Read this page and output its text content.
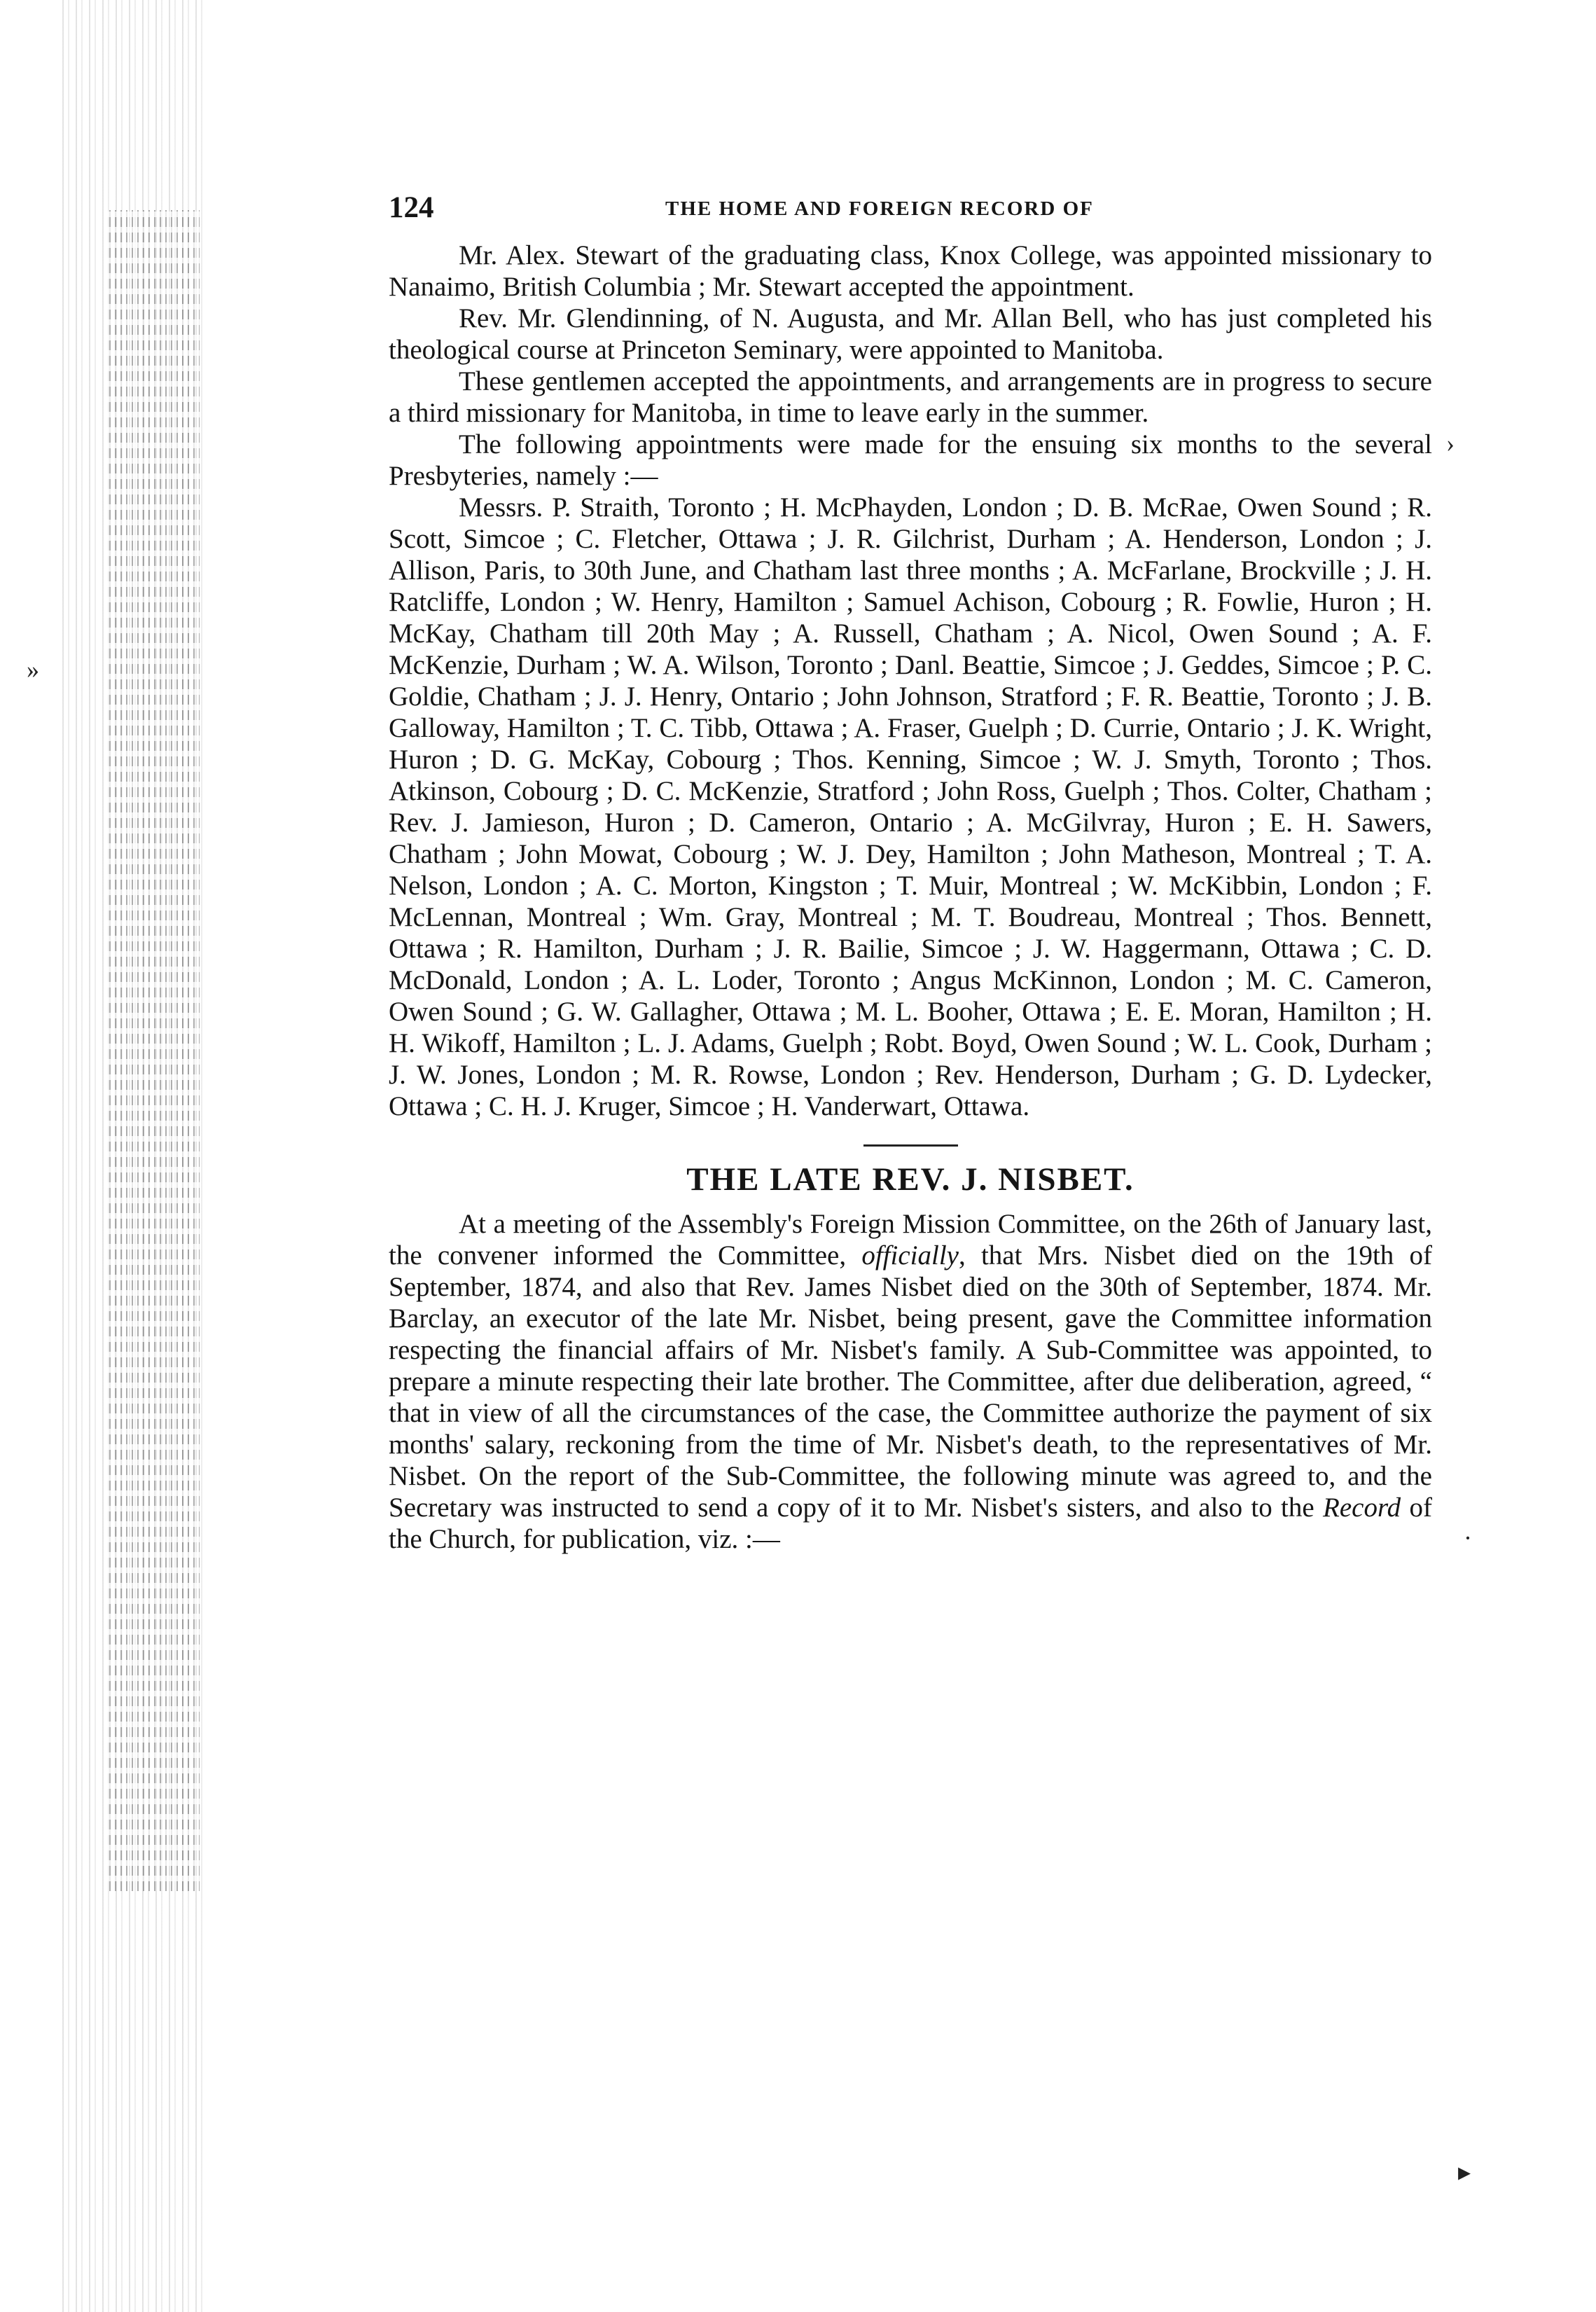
»
›
·
▸
124	THE HOME AND FOREIGN RECORD OF

Mr. Alex. Stewart of the graduating class, Knox College, was appointed missionary to Nanaimo, British Columbia ; Mr. Stewart accepted the appointment.

Rev. Mr. Glendinning, of N. Augusta, and Mr. Allan Bell, who has just completed his theological course at Princeton Seminary, were appointed to Manitoba.

These gentlemen accepted the appointments, and arrangements are in progress to secure a third missionary for Manitoba, in time to leave early in the summer.

The following appointments were made for the ensuing six months to the several Presbyteries, namely :—

Messrs. P. Straith, Toronto ; H. McPhayden, London ; D. B. McRae, Owen Sound ; R. Scott, Simcoe ; C. Fletcher, Ottawa ; J. R. Gilchrist, Durham ; A. Henderson, London ; J. Allison, Paris, to 30th June, and Chatham last three months ; A. McFarlane, Brockville ; J. H. Ratcliffe, London ; W. Henry, Hamilton ; Samuel Achison, Cobourg ; R. Fowlie, Huron ; H. McKay, Chatham till 20th May ; A. Russell, Chatham ; A. Nicol, Owen Sound ; A. F. McKenzie, Durham ; W. A. Wilson, Toronto ; Danl. Beattie, Simcoe ; J. Geddes, Simcoe ; P. C. Goldie, Chatham ; J. J. Henry, Ontario ; John Johnson, Stratford ; F. R. Beattie, Toronto ; J. B. Galloway, Hamilton ; T. C. Tibb, Ottawa ; A. Fraser, Guelph ; D. Currie, Ontario ; J. K. Wright, Huron ; D. G. McKay, Cobourg ; Thos. Kenning, Simcoe ; W. J. Smyth, Toronto ; Thos. Atkinson, Cobourg ; D. C. McKenzie, Stratford ; John Ross, Guelph ; Thos. Colter, Chatham ; Rev. J. Jamieson, Huron ; D. Cameron, Ontario ; A. McGilvray, Huron ; E. H. Sawers, Chatham ; John Mowat, Cobourg ; W. J. Dey, Hamilton ; John Matheson, Montreal ; T. A. Nelson, London ; A. C. Morton, Kingston ; T. Muir, Montreal ; W. McKibbin, London ; F. McLennan, Montreal ; Wm. Gray, Montreal ; M. T. Boudreau, Montreal ; Thos. Bennett, Ottawa ; R. Hamilton, Durham ; J. R. Bailie, Simcoe ; J. W. Haggermann, Ottawa ; C. D. McDonald, London ; A. L. Loder, Toronto ; Angus McKinnon, London ; M. C. Cameron, Owen Sound ; G. W. Gallagher, Ottawa ; M. L. Booher, Ottawa ; E. E. Moran, Hamilton ; H. H. Wikoff, Hamilton ; L. J. Adams, Guelph ; Robt. Boyd, Owen Sound ; W. L. Cook, Durham ; J. W. Jones, London ; M. R. Rowse, London ; Rev. Henderson, Durham ; G. D. Lydecker, Ottawa ; C. H. J. Kruger, Simcoe ; H. Vanderwart, Ottawa.

THE LATE REV. J. NISBET.

At a meeting of the Assembly's Foreign Mission Committee, on the 26th of January last, the convener informed the Committee, officially, that Mrs. Nisbet died on the 19th of September, 1874, and also that Rev. James Nisbet died on the 30th of September, 1874. Mr. Barclay, an executor of the late Mr. Nisbet, being present, gave the Committee information respecting the financial affairs of Mr. Nisbet's family. A Sub-Committee was appointed, to prepare a minute respecting their late brother. The Committee, after due deliberation, agreed, “ that in view of all the circumstances of the case, the Committee authorize the payment of six months' salary, reckoning from the time of Mr. Nisbet's death, to the representatives of Mr. Nisbet. On the report of the Sub-Committee, the following minute was agreed to, and the Secretary was instructed to send a copy of it to Mr. Nisbet's sisters, and also to the Record of the Church, for publication, viz. :—
